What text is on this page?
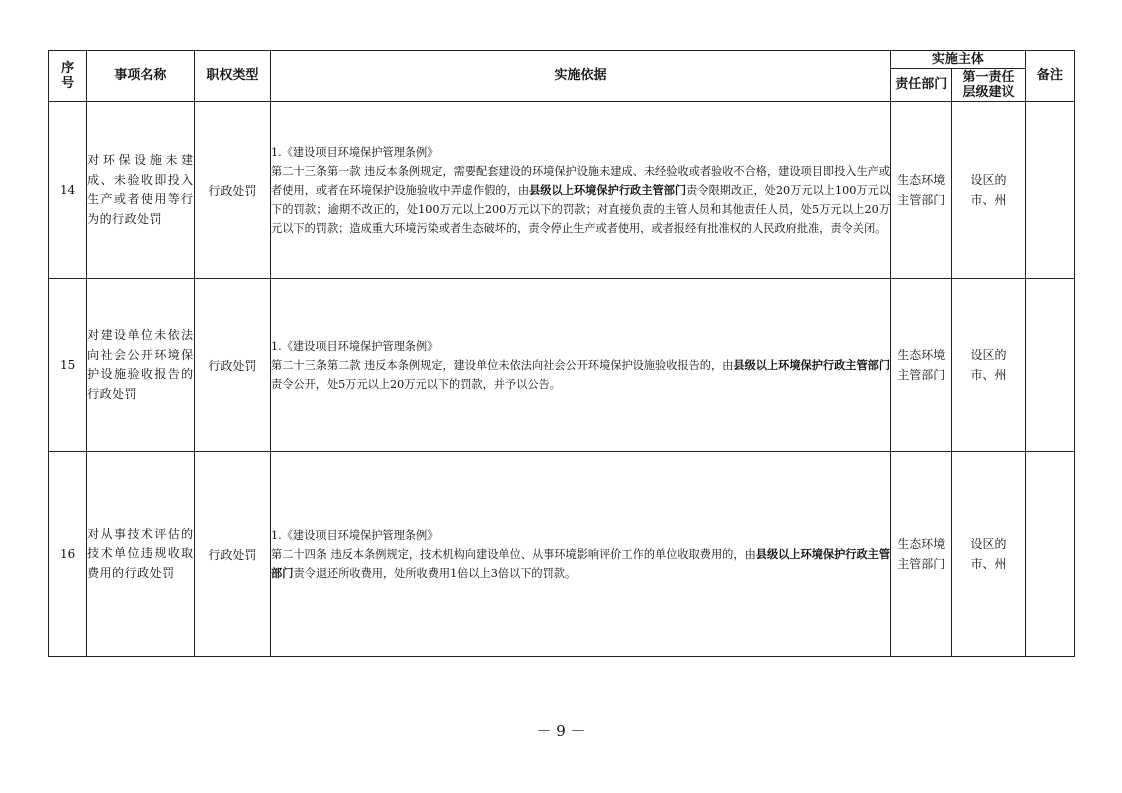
序号	事项名称	职权类型	实施依据	实施主体		备注
				责任部门	第一责任层级建议	
14	对环保设施未建成、未验收即投入生产或者使用等行为的行政处罚	行政处罚	1.《建设项目环境保护管理条例》
第二十三条第一款 违反本条例规定，需要配套建设的环境保护设施未建成、未经验收或者验收不合格，建设项目即投入生产或者使用，或者在环境保护设施验收中弄虚作假的，由县级以上环境保护行政主管部门责令限期改正，处20万元以上100万元以下的罚款；逾期不改正的，处100万元以上200万元以下的罚款；对直接负责的主管人员和其他责任人员，处5万元以上20万元以下的罚款；造成重大环境污染或者生态破坏的，责令停止生产或者使用，或者报经有批准权的人民政府批准，责令关闭。	生态环境主管部门	设区的市、州	
15	对建设单位未依法向社会公开环境保护设施验收报告的行政处罚	行政处罚	1.《建设项目环境保护管理条例》
第二十三条第二款 违反本条例规定，建设单位未依法向社会公开环境保护设施验收报告的，由县级以上环境保护行政主管部门责令公开，处5万元以上20万元以下的罚款，并予以公告。	生态环境主管部门	设区的市、州	
16	对从事技术评估的技术单位违规收取费用的行政处罚	行政处罚	1.《建设项目环境保护管理条例》
第二十四条 违反本条例规定，技术机构向建设单位、从事环境影响评价工作的单位收取费用的，由县级以上环境保护行政主管部门责令退还所收费用，处所收费用1倍以上3倍以下的罚款。	生态环境主管部门	设区的市、州	
－ 9 －
